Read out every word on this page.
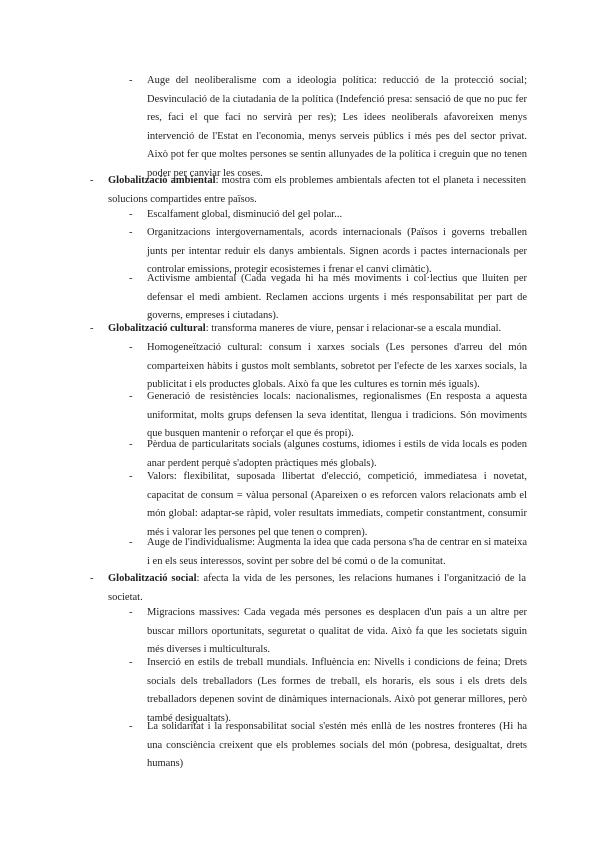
- Auge del neoliberalisme com a ideologia política: reducció de la protecció social; Desvinculació de la ciutadania de la política (Indefenció presa: sensació de que no puc fer res, faci el que faci no servirà per res); Les idees neoliberals afavoreixen menys intervenció de l'Estat en l'economia, menys serveis públics i més pes del sector privat. Això pot fer que moltes persones se sentin allunyades de la política i creguin que no tenen poder per canviar les coses.
- Globalització ambiental: mostra com els problemes ambientals afecten tot el planeta i necessiten solucions compartides entre països.
- Escalfament global, disminució del gel polar...
- Organitzacions intergovernamentals, acords internacionals (Països i governs treballen junts per intentar reduir els danys ambientals. Signen acords i pactes internacionals per controlar emissions, protegir ecosistemes i frenar el canvi climàtic).
- Activisme ambiental (Cada vegada hi ha més moviments i col·lectius que lluiten per defensar el medi ambient. Reclamen accions urgents i més responsabilitat per part de governs, empreses i ciutadans).
- Globalització cultural: transforma maneres de viure, pensar i relacionar-se a escala mundial.
- Homogeneïtzació cultural: consum i xarxes socials (Les persones d'arreu del món comparteixen hàbits i gustos molt semblants, sobretot per l'efecte de les xarxes socials, la publicitat i els productes globals. Això fa que les cultures es tornin més iguals).
- Generació de resistències locals: nacionalismes, regionalismes (En resposta a aquesta uniformitat, molts grups defensen la seva identitat, llengua i tradicions. Són moviments que busquen mantenir o reforçar el que és propi).
- Pèrdua de particularitats socials (algunes costums, idiomes i estils de vida locals es poden anar perdent perquè s'adopten pràctiques més globals).
- Valors: flexibilitat, suposada llibertat d'elecció, competició, immediatesa i novetat, capacitat de consum = vàlua personal (Apareixen o es reforcen valors relacionats amb el món global: adaptar-se ràpid, voler resultats immediats, competir constantment, consumir més i valorar les persones pel que tenen o compren).
- Auge de l'individualisme: Augmenta la idea que cada persona s'ha de centrar en si mateixa i en els seus interessos, sovint per sobre del bé comú o de la comunitat.
- Globalització social: afecta la vida de les persones, les relacions humanes i l'organització de la societat.
- Migracions massives: Cada vegada més persones es desplacen d'un país a un altre per buscar millors oportunitats, seguretat o qualitat de vida. Això fa que les societats siguin més diverses i multiculturals.
- Inserció en estils de treball mundials. Influència en: Nivells i condicions de feina; Drets socials dels treballadors (Les formes de treball, els horaris, els sous i els drets dels treballadors depenen sovint de dinàmiques internacionals. Això pot generar millores, però també desigualtats).
- La solidaritat i la responsabilitat social s'estén més enllà de les nostres fronteres (Hi ha una consciència creixent que els problemes socials del món (pobresa, desigualtat, drets humans)
